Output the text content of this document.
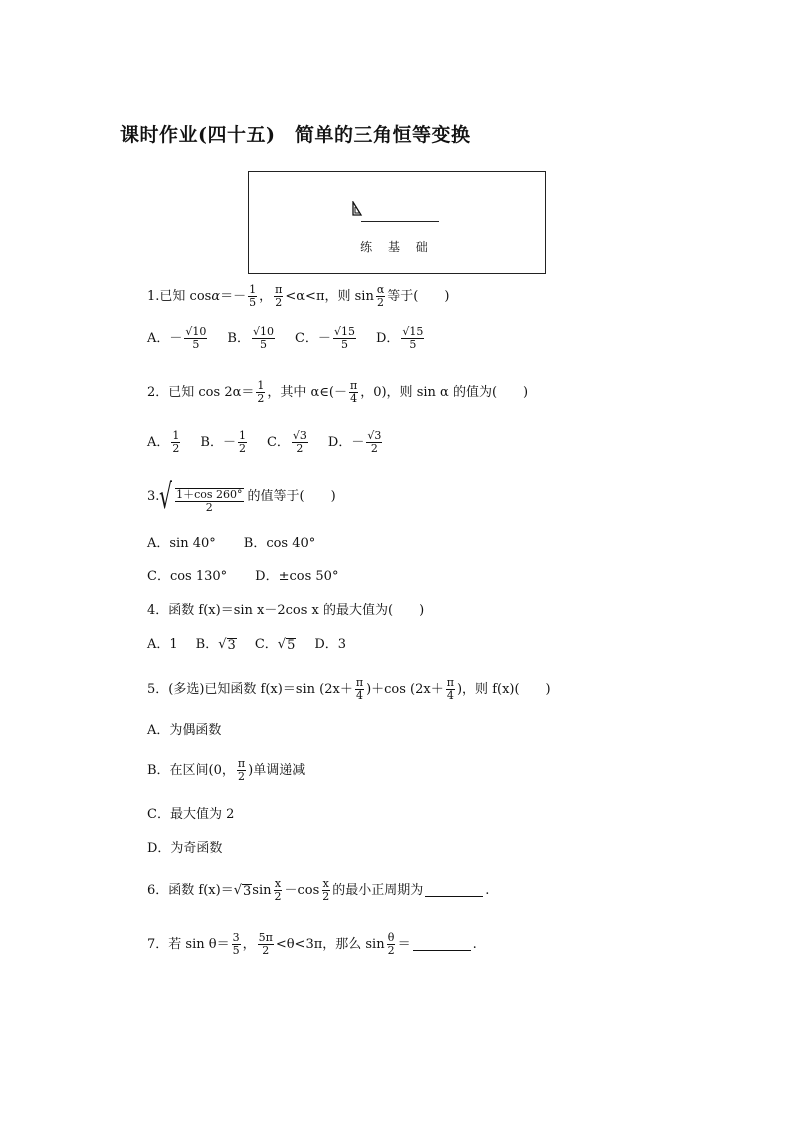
课时作业(四十五)　简单的三角恒等变换
练 基 础
1.已知 $\cos \alpha =- \frac{1}{5}$ ， $\frac{\pi}{2} <\alpha<\pi$，则 $\sin \frac{\alpha}{2}$ 等于(　　)
A．－ $\frac{√10}{5}$ B． $\frac{√10}{5}$ C．－ $\frac{√15}{5}$ D． $\frac{√15}{5}$
2．已知 $\cos 2\alpha= \frac{1}{2}$ ，其中 α∈(－ $\frac{\pi}{4}$ ，0)，则 sin α 的值为(　　)
A． $\frac{1}{2}$ B．－ $\frac{1}{2}$ C． $\frac{√3}{2}$ D．－ $\frac{√3}{2}$
3. √ $\frac{1+\cos 260^\circ}{2}$ 的值等于(　　)
A．sin 40° B．cos 40°
C．cos 130° D．±cos 50°
4．函数 f(x)＝sin x－2cos x 的最大值为(　　)
A．1 B． √ 3 C． √ 5 D．3
5．(多选)已知函数 f(x)＝sin $(2x+ \frac{\pi}{4} )+\cos$ ($2x+ \frac{\pi}{4}$ )，则 f(x)(　　)
A．为偶函数
B．在区间(0， $\frac{\pi}{2}$ )单调递减
C．最大值为 2
D．为奇函数
6．函数 f(x)＝ √ 3 $\sin \frac{x}{2} -\cos \frac{x}{2}$ 的最小正周期为	.
7．若 $\sin \theta= \frac{3}{5}$ ， $\frac{5\pi}{2} <\theta<3\pi$，那么 $\sin \frac{\theta}{2}$ ＝	.
